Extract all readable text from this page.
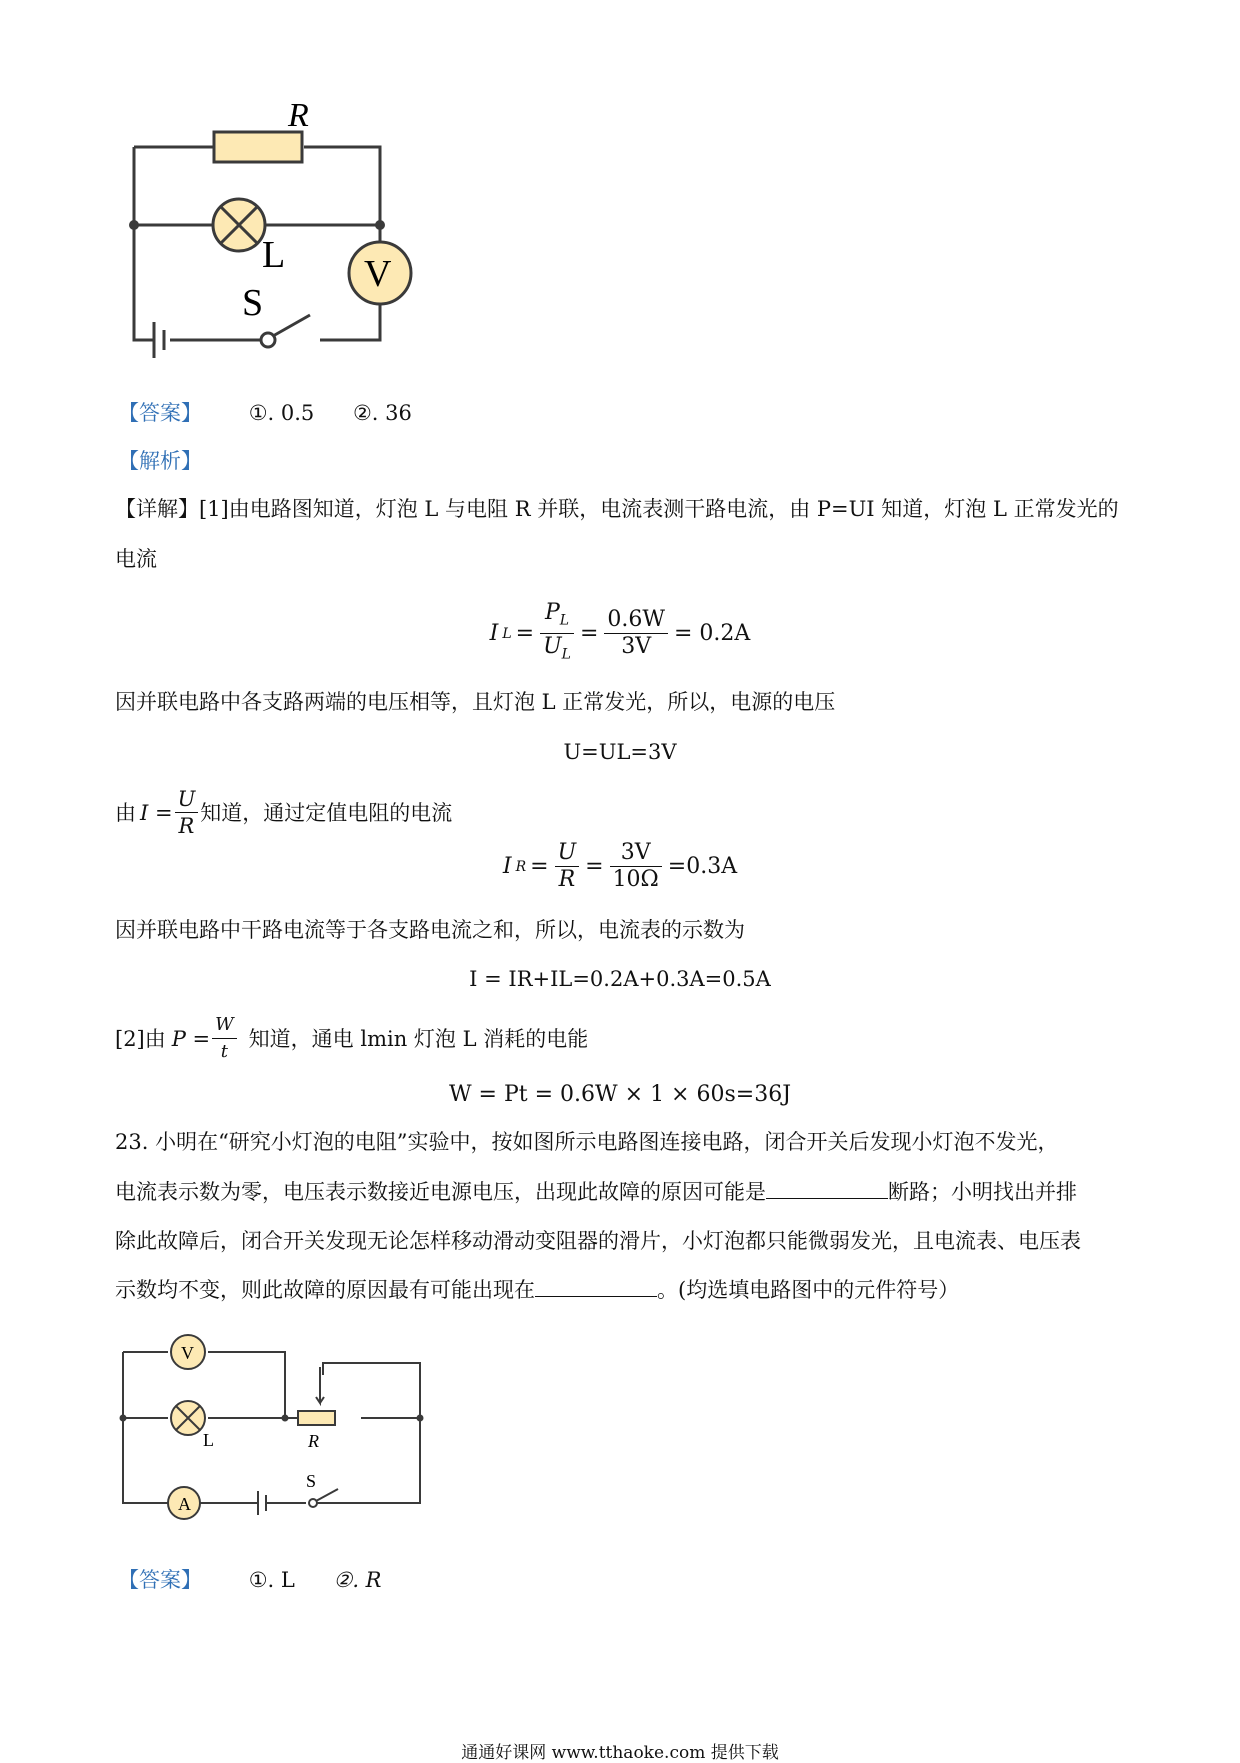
R
L V
S
【答案】 ①. 0.5 ②. 36
【解析】
【详解】[1]由电路图知道，灯泡 L 与电阻 R 并联，电流表测干路电流，由 P=UI 知道，灯泡 L 正常发光的
电流
I $L = \frac{P_L}{U_L} = \frac{0.6W}{3V} = 0.2A$
因并联电路中各支路两端的电压相等，且灯泡 L 正常发光，所以，电源的电压
U=UL=3V
由 $I = \frac{U}{R}$ 知道，通过定值电阻的电流
I $R = \frac{U}{R} = \frac{3V}{10\Omega} =0.3A$
因并联电路中干路电流等于各支路电流之和，所以，电流表的示数为
I = IR+IL=0.2A+0.3A=0.5A
[2]由 $P = \frac{W}{t}$ 知道，通电 lmin 灯泡 L 消耗的电能
W = Pt = 0.6W × 1 × 60s=36J
23. 小明在“研究小灯泡的电阻”实验中，按如图所示电路图连接电路，闭合开关后发现小灯泡不发光，
电流表示数为零，电压表示数接近电源电压，出现此故障的原因可能是	断路；小明找出并排
除此故障后，闭合开关发现无论怎样移动滑动变阻器的滑片，小灯泡都只能微弱发光，且电流表、电压表
示数均不变，则此故障的原因最有可能出现在	。(均选填电路图中的元件符号）
V
L	R
A
S
【答案】 ①. L ②. R
通通好课网 www.tthaoke.com 提供下载
